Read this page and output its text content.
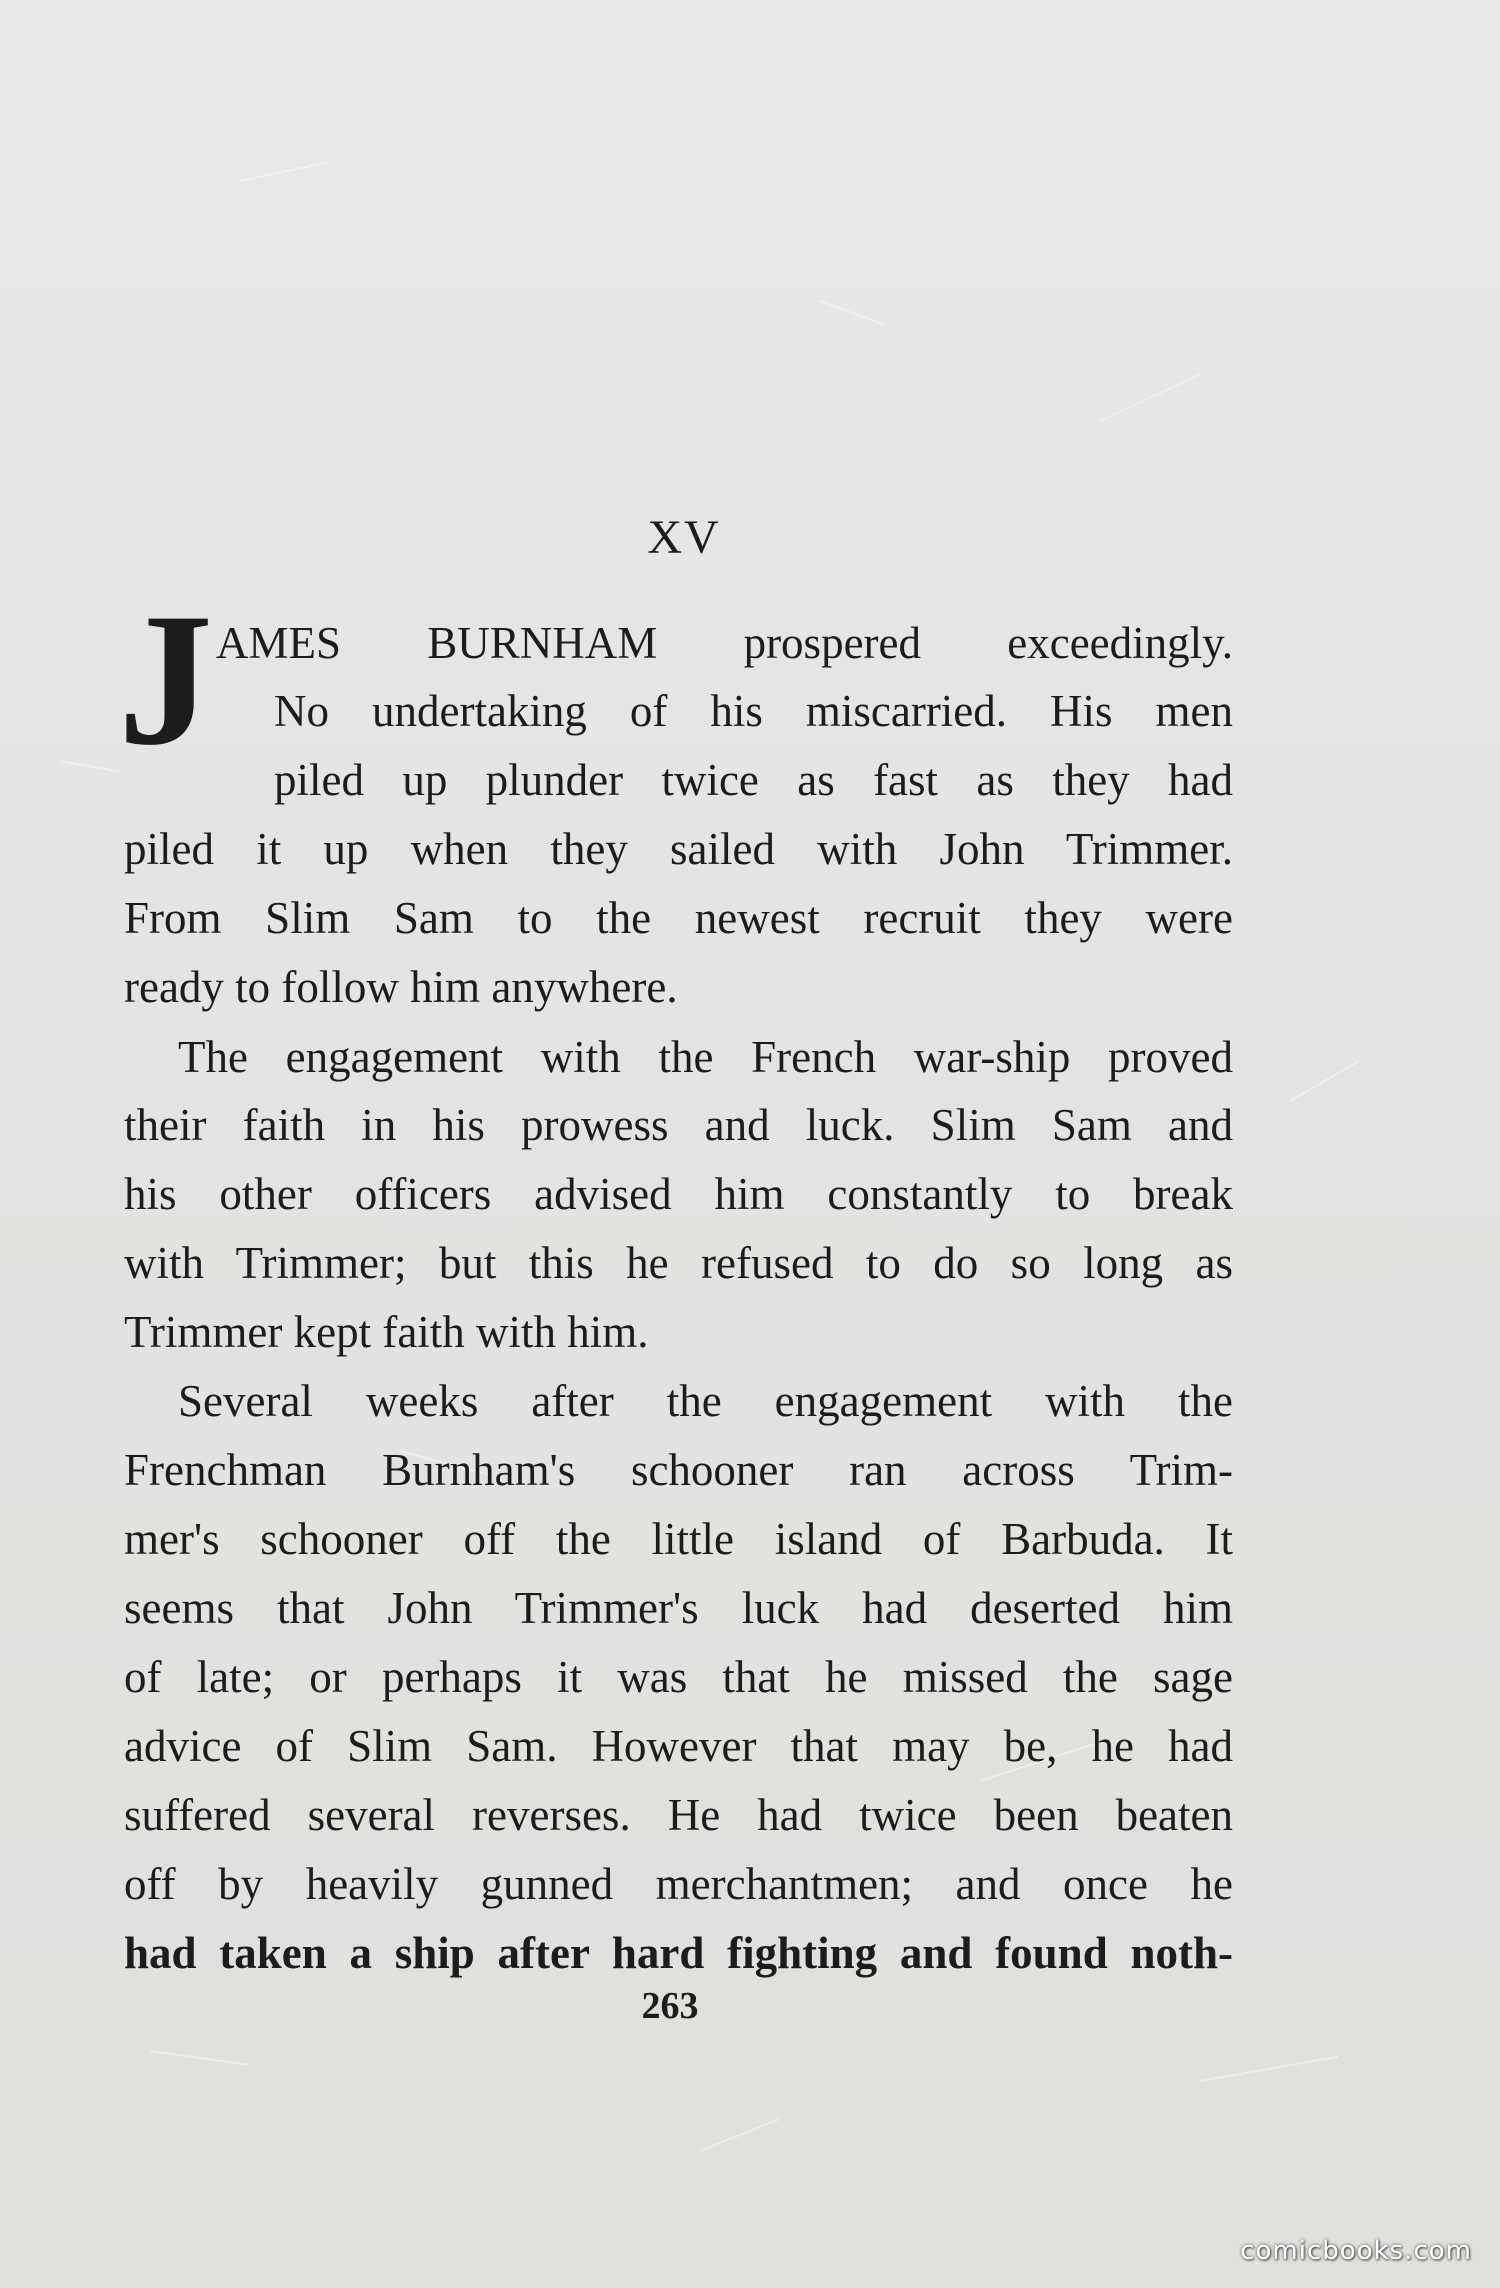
XV
J AMES BURNHAM prospered exceedingly.
No undertaking of his miscarried. His men
piled up plunder twice as fast as they had
piled it up when they sailed with John Trimmer.
From Slim Sam to the newest recruit they were
ready to follow him anywhere.
The engagement with the French war-ship proved
their faith in his prowess and luck. Slim Sam and
his other officers advised him constantly to break
with Trimmer; but this he refused to do so long as
Trimmer kept faith with him.
Several weeks after the engagement with the
Frenchman Burnham's schooner ran across Trim-
mer's schooner off the little island of Barbuda. It
seems that John Trimmer's luck had deserted him
of late; or perhaps it was that he missed the sage
advice of Slim Sam. However that may be, he had
suffered several reverses. He had twice been beaten
off by heavily gunned merchantmen; and once he
had taken a ship after hard fighting and found noth-
263
comicbooks.com
